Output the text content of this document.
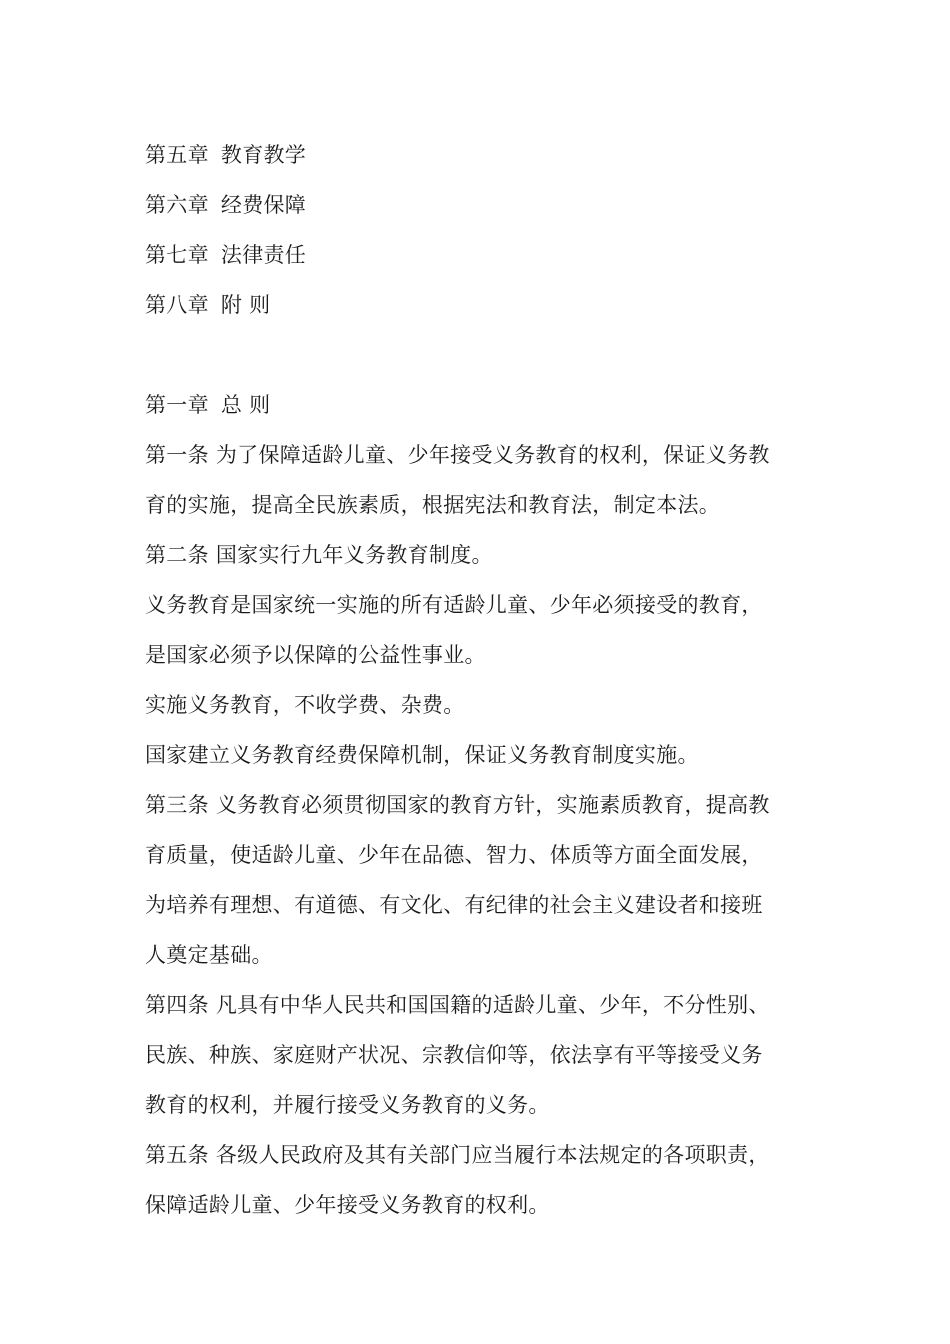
第五章 教育教学
第六章 经费保障
第七章 法律责任
第八章 附 则
第一章 总 则
第一条 为了保障适龄儿童、少年接受义务教育的权利，保证义务教
育的实施，提高全民族素质，根据宪法和教育法，制定本法。
第二条 国家实行九年义务教育制度。
义务教育是国家统一实施的所有适龄儿童、少年必须接受的教育，
是国家必须予以保障的公益性事业。
实施义务教育，不收学费、杂费。
国家建立义务教育经费保障机制，保证义务教育制度实施。
第三条 义务教育必须贯彻国家的教育方针，实施素质教育，提高教
育质量，使适龄儿童、少年在品德、智力、体质等方面全面发展，
为培养有理想、有道德、有文化、有纪律的社会主义建设者和接班
人奠定基础。
第四条 凡具有中华人民共和国国籍的适龄儿童、少年，不分性别、
民族、种族、家庭财产状况、宗教信仰等，依法享有平等接受义务
教育的权利，并履行接受义务教育的义务。
第五条 各级人民政府及其有关部门应当履行本法规定的各项职责，
保障适龄儿童、少年接受义务教育的权利。
